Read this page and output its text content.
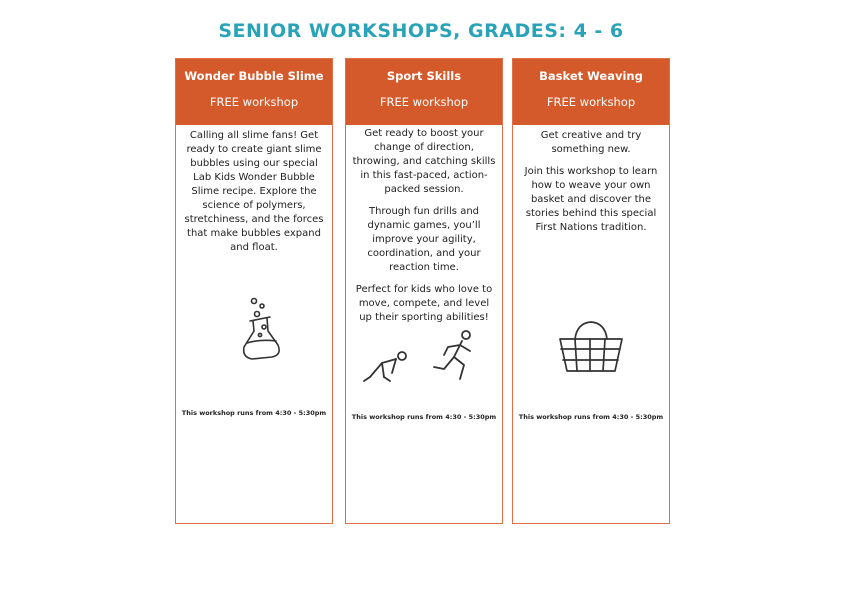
SENIOR WORKSHOPS, GRADES: 4 - 6
Wonder Bubble Slime
FREE workshop

Calling all slime fans! Get ready to create giant slime bubbles using our special Lab Kids Wonder Bubble Slime recipe. Explore the science of polymers, stretchiness, and the forces that make bubbles expand and float.

This workshop runs from 4:30 - 5:30pm
Sport Skills
FREE workshop

Get ready to boost your change of direction, throwing, and catching skills in this fast-paced, action-packed session.

Through fun drills and dynamic games, you’ll improve your agility, coordination, and your reaction time.

Perfect for kids who love to move, compete, and level up their sporting abilities!

This workshop runs from 4:30 - 5:30pm
Basket Weaving
FREE workshop

Get creative and try something new.

Join this workshop to learn how to weave your own basket and discover the stories behind this special First Nations tradition.

This workshop runs from 4:30 - 5:30pm
